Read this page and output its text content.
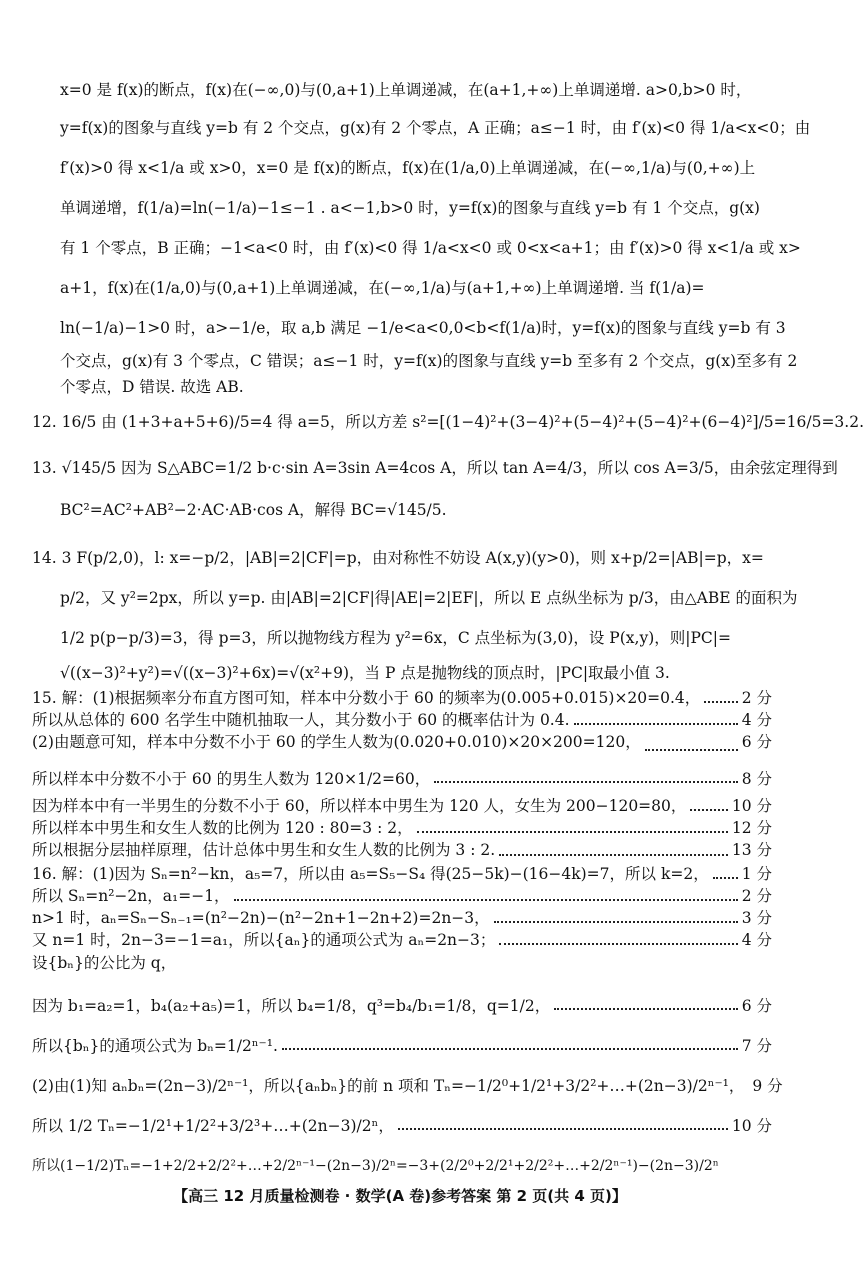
x=0 是 f(x)的断点，f(x)在(−∞,0)与(0,a+1)上单调递减，在(a+1,+∞)上单调递增. a>0,b>0 时，
y=f(x)的图象与直线 y=b 有 2 个交点，g(x)有 2 个零点，A 正确；a≤−1 时，由 f′(x)<0 得 1/a<x<0；由
f′(x)>0 得 x<1/a 或 x>0，x=0 是 f(x)的断点，f(x)在(1/a,0)上单调递减，在(−∞,1/a)与(0,+∞)上
单调递增，f(1/a)=ln(−1/a)−1≤−1 . a<−1,b>0 时，y=f(x)的图象与直线 y=b 有 1 个交点，g(x)
有 1 个零点，B 正确；−1<a<0 时，由 f′(x)<0 得 1/a<x<0 或 0<x<a+1；由 f′(x)>0 得 x<1/a 或 x>
a+1，f(x)在(1/a,0)与(0,a+1)上单调递减，在(−∞,1/a)与(a+1,+∞)上单调递增. 当 f(1/a)=
ln(−1/a)−1>0 时，a>−1/e，取 a,b 满足 −1/e<a<0,0<b<f(1/a)时，y=f(x)的图象与直线 y=b 有 3
个交点，g(x)有 3 个零点，C 错误；a≤−1 时，y=f(x)的图象与直线 y=b 至多有 2 个交点，g(x)至多有 2
个零点，D 错误. 故选 AB.
12. 16/5 由 (1+3+a+5+6)/5=4 得 a=5，所以方差 s²=[(1−4)²+(3−4)²+(5−4)²+(5−4)²+(6−4)²]/5=16/5=3.2.
13. √145/5 因为 S△ABC=1/2 b·c·sin A=3sin A=4cos A，所以 tan A=4/3，所以 cos A=3/5，由余弦定理得到
BC²=AC²+AB²−2·AC·AB·cos A，解得 BC=√145/5.
14. 3 F(p/2,0)，l: x=−p/2，|AB|=2|CF|=p，由对称性不妨设 A(x,y)(y>0)，则 x+p/2=|AB|=p，x=
p/2，又 y²=2px，所以 y=p. 由|AB|=2|CF|得|AE|=2|EF|，所以 E 点纵坐标为 p/3，由△ABE 的面积为
1/2 p(p−p/3)=3，得 p=3，所以抛物线方程为 y²=6x，C 点坐标为(3,0)，设 P(x,y)，则|PC|=
√((x−3)²+y²)=√((x−3)²+6x)=√(x²+9)，当 P 点是抛物线的顶点时，|PC|取最小值 3.
15. 解：(1)根据频率分布直方图可知，样本中分数小于 60 的频率为(0.005+0.015)×20=0.4，	2 分
所以从总体的 600 名学生中随机抽取一人，其分数小于 60 的概率估计为 0.4.	4 分
(2)由题意可知，样本中分数不小于 60 的学生人数为(0.020+0.010)×20×200=120，	6 分
所以样本中分数不小于 60 的男生人数为 120×1/2=60，	8 分
因为样本中有一半男生的分数不小于 60，所以样本中男生为 120 人，女生为 200−120=80，	10 分
所以样本中男生和女生人数的比例为 120 : 80=3 : 2，	12 分
所以根据分层抽样原理，估计总体中男生和女生人数的比例为 3 : 2.	13 分
16. 解：(1)因为 Sₙ=n²−kn，a₅=7，所以由 a₅=S₅−S₄ 得(25−5k)−(16−4k)=7，所以 k=2， 1 分
所以 Sₙ=n²−2n，a₁=−1，	2 分
n>1 时，aₙ=Sₙ−Sₙ₋₁=(n²−2n)−(n²−2n+1−2n+2)=2n−3，	3 分
又 n=1 时，2n−3=−1=a₁，所以{aₙ}的通项公式为 aₙ=2n−3；	4 分
设{bₙ}的公比为 q，
因为 b₁=a₂=1，b₄(a₂+a₅)=1，所以 b₄=1/8，q³=b₄/b₁=1/8，q=1/2，	6 分
所以{bₙ}的通项公式为 bₙ=1/2ⁿ⁻¹.	7 分
(2)由(1)知 aₙbₙ=(2n−3)/2ⁿ⁻¹，所以{aₙbₙ}的前 n 项和 Tₙ=−1/2⁰+1/2¹+3/2²+…+(2n−3)/2ⁿ⁻¹， 9 分
所以 1/2 Tₙ=−1/2¹+1/2²+3/2³+…+(2n−3)/2ⁿ，	10 分
所以(1−1/2)Tₙ=−1+2/2+2/2²+…+2/2ⁿ⁻¹−(2n−3)/2ⁿ=−3+(2/2⁰+2/2¹+2/2²+…+2/2ⁿ⁻¹)−(2n−3)/2ⁿ
【高三 12 月质量检测卷 · 数学(A 卷)参考答案 第 2 页(共 4 页)】
